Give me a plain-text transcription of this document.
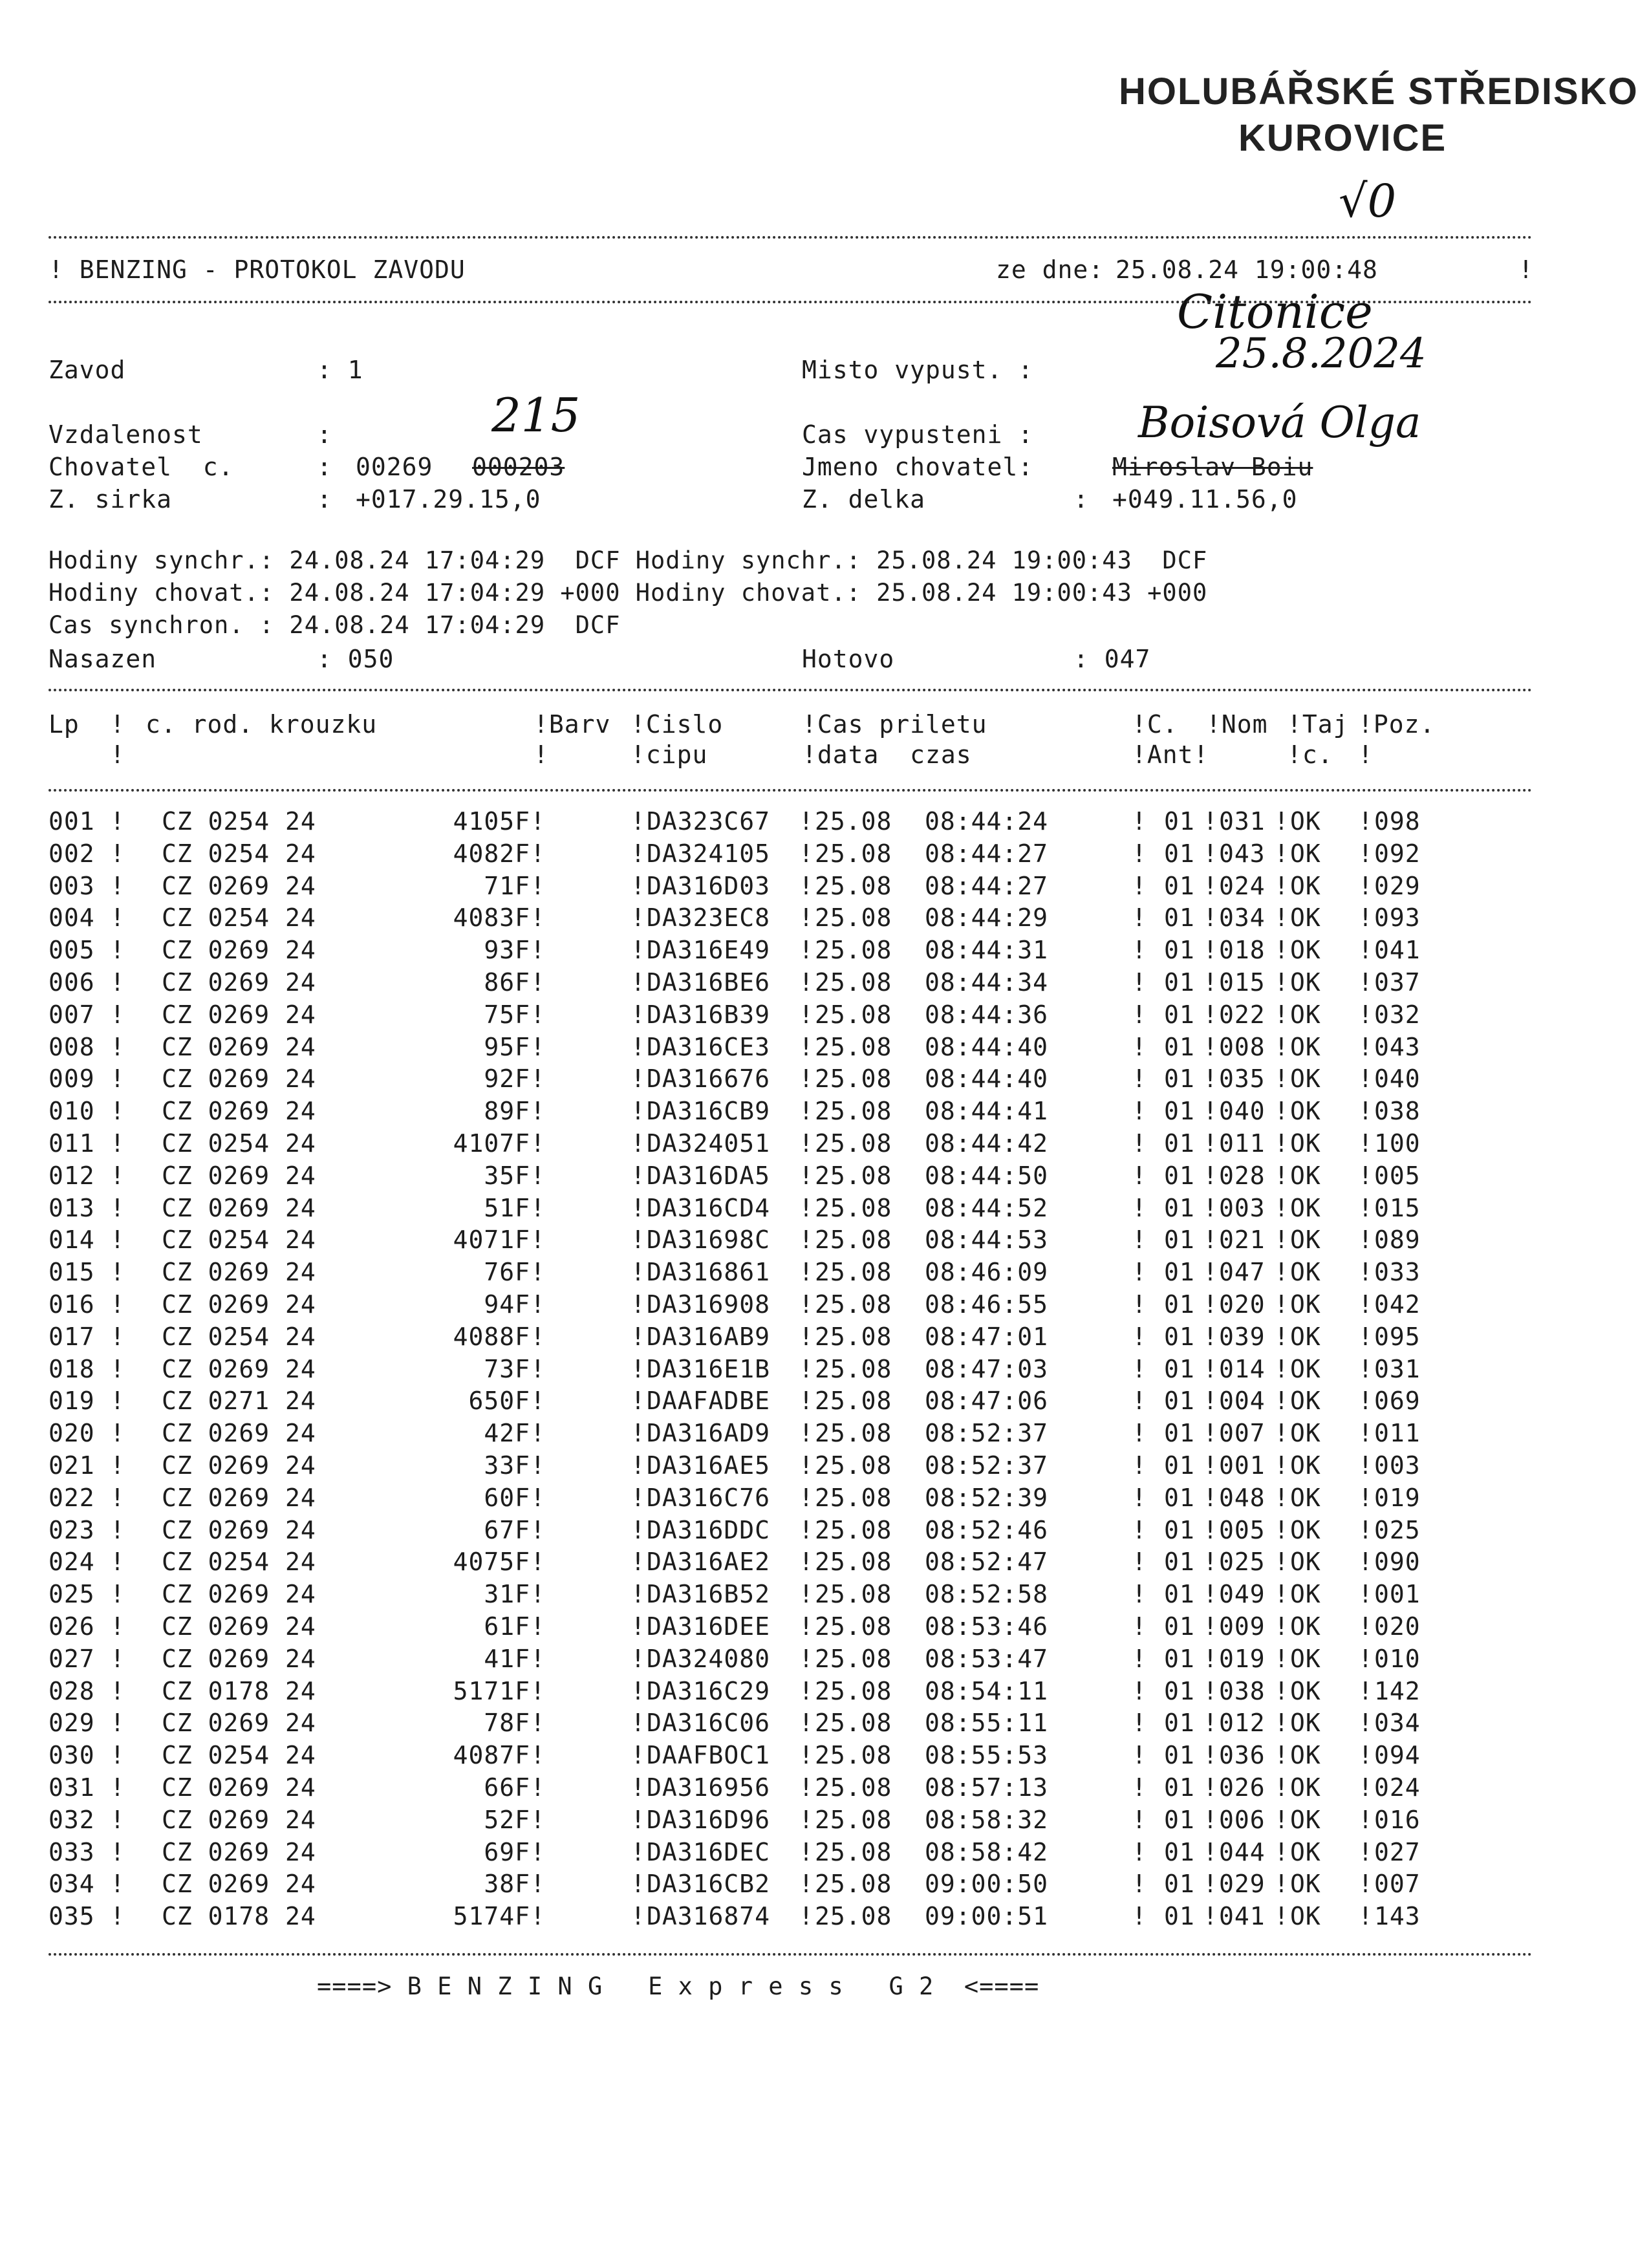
HOLUBÁŘSKÉ STŘEDISKO
KUROVICE
√0
! BENZING - PROTOKOL ZAVODU	ze dne: 25.08.24 19:00:48	!
Citonice
25.8.2024
Zavod	: 1	Misto vypust. :
215
Vzdalenost	:	Cas vypusteni : Boisová Olga
Chovatel  c.	: 00269 000203	Jmeno chovatel:	Miroslav Boiu
Z. sirka	: +017.29.15,0	Z. delka	: +049.11.56,0
Hodiny synchr.: 24.08.24 17:04:29  DCF Hodiny synchr.: 25.08.24 19:00:43  DCF
Hodiny chovat.: 24.08.24 17:04:29 +000 Hodiny chovat.: 25.08.24 19:00:43 +000
Cas synchron. : 24.08.24 17:04:29  DCF
Nasazen	: 050	Hotovo	: 047
Lp ! c. rod. krouzku	!Barv !Cislo	!Cas priletu	!C. !Nom !Taj !Poz.
!	!	!cipu	!data  czas	!Ant!	!c. !
001 ! CZ 0254 24	4105F !	! DA323C67 ! 25.08 08:44:24	! 01 ! 031 ! OK ! 098
002 ! CZ 0254 24	4082F !	! DA324105 ! 25.08 08:44:27	! 01 ! 043 ! OK ! 092
003 ! CZ 0269 24	71F !	! DA316D03 ! 25.08 08:44:27	! 01 ! 024 ! OK ! 029
004 ! CZ 0254 24	4083F !	! DA323EC8 ! 25.08 08:44:29	! 01 ! 034 ! OK ! 093
005 ! CZ 0269 24	93F !	! DA316E49 ! 25.08 08:44:31	! 01 ! 018 ! OK ! 041
006 ! CZ 0269 24	86F !	! DA316BE6 ! 25.08 08:44:34	! 01 ! 015 ! OK ! 037
007 ! CZ 0269 24	75F !	! DA316B39 ! 25.08 08:44:36	! 01 ! 022 ! OK ! 032
008 ! CZ 0269 24	95F !	! DA316CE3 ! 25.08 08:44:40	! 01 ! 008 ! OK ! 043
009 ! CZ 0269 24	92F !	! DA316676 ! 25.08 08:44:40	! 01 ! 035 ! OK ! 040
010 ! CZ 0269 24	89F !	! DA316CB9 ! 25.08 08:44:41	! 01 ! 040 ! OK ! 038
011 ! CZ 0254 24	4107F !	! DA324051 ! 25.08 08:44:42	! 01 ! 011 ! OK ! 100
012 ! CZ 0269 24	35F !	! DA316DA5 ! 25.08 08:44:50	! 01 ! 028 ! OK ! 005
013 ! CZ 0269 24	51F !	! DA316CD4 ! 25.08 08:44:52	! 01 ! 003 ! OK ! 015
014 ! CZ 0254 24	4071F !	! DA31698C ! 25.08 08:44:53	! 01 ! 021 ! OK ! 089
015 ! CZ 0269 24	76F !	! DA316861 ! 25.08 08:46:09	! 01 ! 047 ! OK ! 033
016 ! CZ 0269 24	94F !	! DA316908 ! 25.08 08:46:55	! 01 ! 020 ! OK ! 042
017 ! CZ 0254 24	4088F !	! DA316AB9 ! 25.08 08:47:01	! 01 ! 039 ! OK ! 095
018 ! CZ 0269 24	73F !	! DA316E1B ! 25.08 08:47:03	! 01 ! 014 ! OK ! 031
019 ! CZ 0271 24	650F !	! DAAFADBE ! 25.08 08:47:06	! 01 ! 004 ! OK ! 069
020 ! CZ 0269 24	42F !	! DA316AD9 ! 25.08 08:52:37	! 01 ! 007 ! OK ! 011
021 ! CZ 0269 24	33F !	! DA316AE5 ! 25.08 08:52:37	! 01 ! 001 ! OK ! 003
022 ! CZ 0269 24	60F !	! DA316C76 ! 25.08 08:52:39	! 01 ! 048 ! OK ! 019
023 ! CZ 0269 24	67F !	! DA316DDC ! 25.08 08:52:46	! 01 ! 005 ! OK ! 025
024 ! CZ 0254 24	4075F !	! DA316AE2 ! 25.08 08:52:47	! 01 ! 025 ! OK ! 090
025 ! CZ 0269 24	31F !	! DA316B52 ! 25.08 08:52:58	! 01 ! 049 ! OK ! 001
026 ! CZ 0269 24	61F !	! DA316DEE ! 25.08 08:53:46	! 01 ! 009 ! OK ! 020
027 ! CZ 0269 24	41F !	! DA324080 ! 25.08 08:53:47	! 01 ! 019 ! OK ! 010
028 ! CZ 0178 24	5171F !	! DA316C29 ! 25.08 08:54:11	! 01 ! 038 ! OK ! 142
029 ! CZ 0269 24	78F !	! DA316C06 ! 25.08 08:55:11	! 01 ! 012 ! OK ! 034
030 ! CZ 0254 24	4087F !	! DAAFBOC1 ! 25.08 08:55:53	! 01 ! 036 ! OK ! 094
031 ! CZ 0269 24	66F !	! DA316956 ! 25.08 08:57:13	! 01 ! 026 ! OK ! 024
032 ! CZ 0269 24	52F !	! DA316D96 ! 25.08 08:58:32	! 01 ! 006 ! OK ! 016
033 ! CZ 0269 24	69F !	! DA316DEC ! 25.08 08:58:42	! 01 ! 044 ! OK ! 027
034 ! CZ 0269 24	38F !	! DA316CB2 ! 25.08 09:00:50	! 01 ! 029 ! OK ! 007
035 ! CZ 0178 24	5174F !	! DA316874 ! 25.08 09:00:51	! 01 ! 041 ! OK ! 143
====> B E N Z I N G   E x p r e s s   G 2  <====
